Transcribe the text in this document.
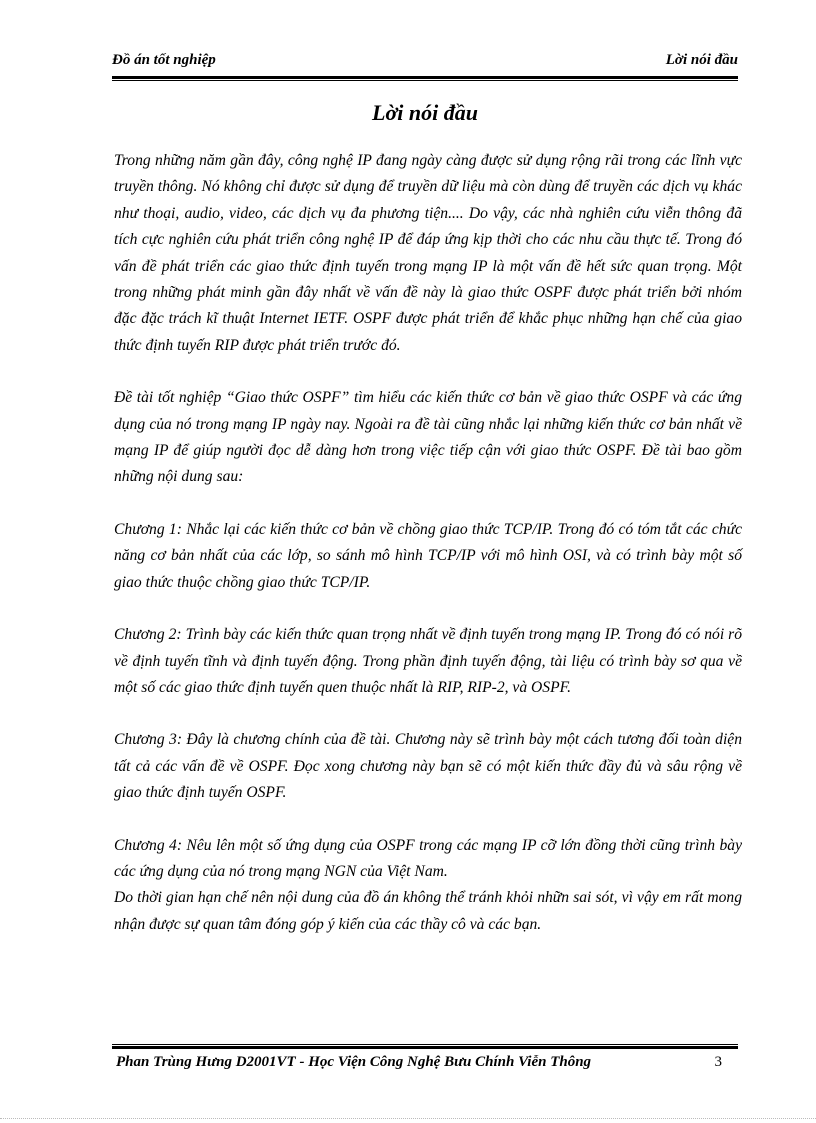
Đồ án tốt nghiệp	Lời nói đầu
Lời nói đầu

Trong những năm gần đây, công nghệ IP đang ngày càng được sử dụng rộng rãi trong các lĩnh vực truyền thông. Nó không chỉ được sử dụng để truyền dữ liệu mà còn dùng để truyền các dịch vụ khác như thoại, audio, video, các dịch vụ đa phương tiện.... Do vậy, các nhà nghiên cứu viễn thông đã tích cực nghiên cứu phát triển công nghệ IP để đáp ứng kịp thời cho các nhu cầu thực tế. Trong đó vấn đề phát triển các giao thức định tuyến trong mạng IP là một vấn đề hết sức quan trọng. Một trong những phát minh gần đây nhất về vấn đề này là giao thức OSPF được phát triển bởi nhóm đặc đặc trách kĩ thuật Internet IETF. OSPF được phát triển để khắc phục những hạn chế của giao thức định tuyến RIP được phát triển trước đó.

Đề tài tốt nghiệp “Giao thức OSPF” tìm hiểu các kiến thức cơ bản về giao thức OSPF và các ứng dụng của nó trong mạng IP ngày nay. Ngoài ra đề tài cũng nhắc lại những kiến thức cơ bản nhất về mạng IP để giúp người đọc dễ dàng hơn trong việc tiếp cận với giao thức OSPF. Đề tài bao gồm những nội dung sau:

Chương 1: Nhắc lại các kiến thức cơ bản về chồng giao thức TCP/IP. Trong đó có tóm tắt các chức năng cơ bản nhất của các lớp, so sánh mô hình TCP/IP với mô hình OSI, và có trình bày một số giao thức thuộc chồng giao thức TCP/IP.

Chương 2: Trình bày các kiến thức quan trọng nhất về định tuyến trong mạng IP. Trong đó có nói rõ về định tuyến tĩnh và định tuyến động. Trong phần định tuyến động, tài liệu có trình bày sơ qua về một số các giao thức định tuyến quen thuộc nhất là RIP, RIP-2, và OSPF.

Chương 3: Đây là chương chính của đề tài. Chương này sẽ trình bày một cách tương đối toàn diện tất cả các vấn đề về OSPF. Đọc xong chương này bạn sẽ có một kiến thức đầy đủ và sâu rộng về giao thức định tuyến OSPF.

Chương 4: Nêu lên một số ứng dụng của OSPF trong các mạng IP cỡ lớn đồng thời cũng trình bày các ứng dụng của nó trong mạng NGN của Việt Nam.

Do thời gian hạn chế nên nội dung của đồ án không thể tránh khỏi nhữn sai sót, vì vậy em rất mong nhận được sự quan tâm đóng góp ý kiến của các thầy cô và các bạn.

Phan Trùng Hưng D2001VT - Học Viện Công Nghệ Bưu Chính Viễn Thông	3
